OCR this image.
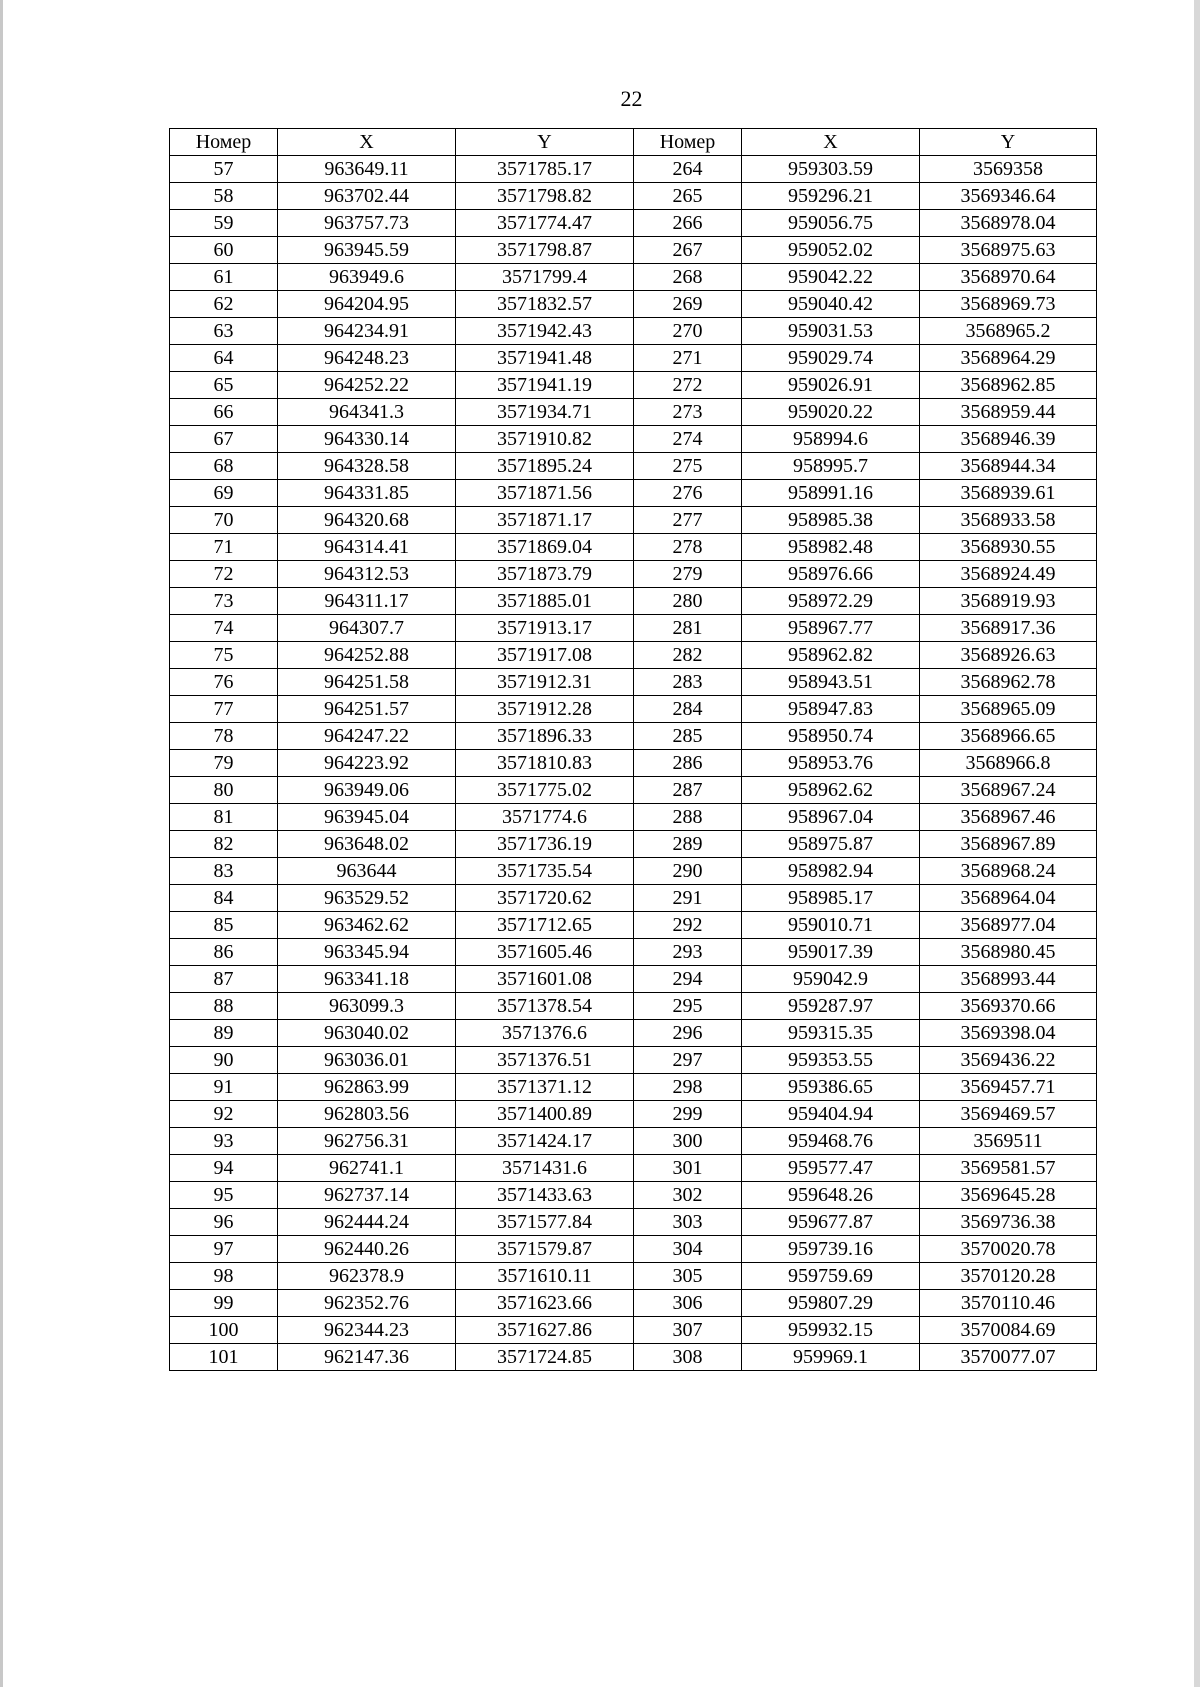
22
Номер	X	Y	Номер	X	Y
57	963649.11	3571785.17	264	959303.59	3569358
58	963702.44	3571798.82	265	959296.21	3569346.64
59	963757.73	3571774.47	266	959056.75	3568978.04
60	963945.59	3571798.87	267	959052.02	3568975.63
61	963949.6	3571799.4	268	959042.22	3568970.64
62	964204.95	3571832.57	269	959040.42	3568969.73
63	964234.91	3571942.43	270	959031.53	3568965.2
64	964248.23	3571941.48	271	959029.74	3568964.29
65	964252.22	3571941.19	272	959026.91	3568962.85
66	964341.3	3571934.71	273	959020.22	3568959.44
67	964330.14	3571910.82	274	958994.6	3568946.39
68	964328.58	3571895.24	275	958995.7	3568944.34
69	964331.85	3571871.56	276	958991.16	3568939.61
70	964320.68	3571871.17	277	958985.38	3568933.58
71	964314.41	3571869.04	278	958982.48	3568930.55
72	964312.53	3571873.79	279	958976.66	3568924.49
73	964311.17	3571885.01	280	958972.29	3568919.93
74	964307.7	3571913.17	281	958967.77	3568917.36
75	964252.88	3571917.08	282	958962.82	3568926.63
76	964251.58	3571912.31	283	958943.51	3568962.78
77	964251.57	3571912.28	284	958947.83	3568965.09
78	964247.22	3571896.33	285	958950.74	3568966.65
79	964223.92	3571810.83	286	958953.76	3568966.8
80	963949.06	3571775.02	287	958962.62	3568967.24
81	963945.04	3571774.6	288	958967.04	3568967.46
82	963648.02	3571736.19	289	958975.87	3568967.89
83	963644	3571735.54	290	958982.94	3568968.24
84	963529.52	3571720.62	291	958985.17	3568964.04
85	963462.62	3571712.65	292	959010.71	3568977.04
86	963345.94	3571605.46	293	959017.39	3568980.45
87	963341.18	3571601.08	294	959042.9	3568993.44
88	963099.3	3571378.54	295	959287.97	3569370.66
89	963040.02	3571376.6	296	959315.35	3569398.04
90	963036.01	3571376.51	297	959353.55	3569436.22
91	962863.99	3571371.12	298	959386.65	3569457.71
92	962803.56	3571400.89	299	959404.94	3569469.57
93	962756.31	3571424.17	300	959468.76	3569511
94	962741.1	3571431.6	301	959577.47	3569581.57
95	962737.14	3571433.63	302	959648.26	3569645.28
96	962444.24	3571577.84	303	959677.87	3569736.38
97	962440.26	3571579.87	304	959739.16	3570020.78
98	962378.9	3571610.11	305	959759.69	3570120.28
99	962352.76	3571623.66	306	959807.29	3570110.46
100	962344.23	3571627.86	307	959932.15	3570084.69
101	962147.36	3571724.85	308	959969.1	3570077.07
